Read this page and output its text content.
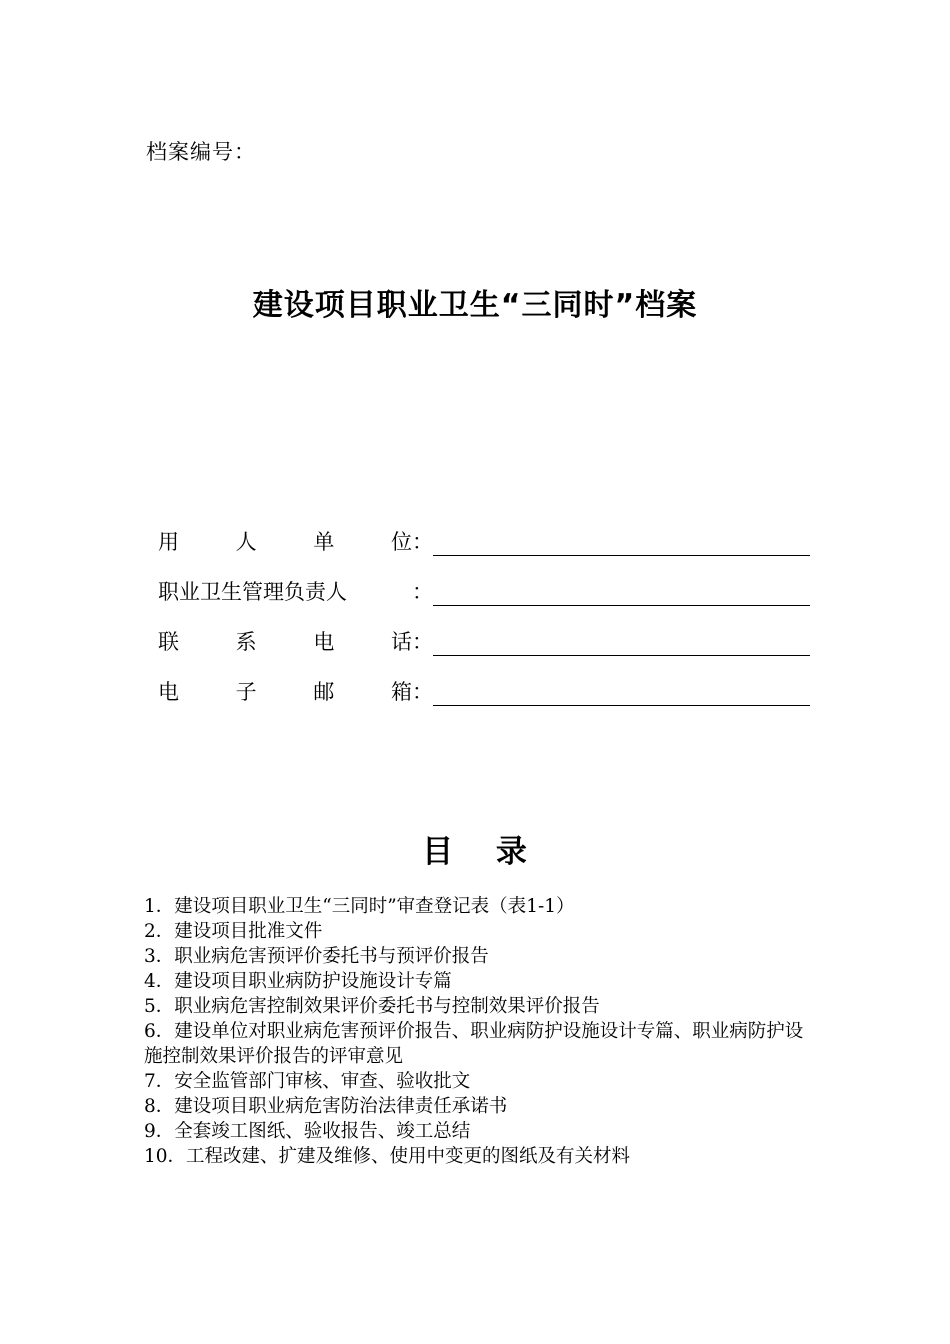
档案编号：
建设项目职业卫生“三同时”档案
用	人	单	位 ：
职业卫生管理负责人	：
联	系	电	话 ：
电	子	邮	箱 ：
目 录
1．建设项目职业卫生“三同时”审查登记表（表1-1）
2．建设项目批准文件
3．职业病危害预评价委托书与预评价报告
4．建设项目职业病防护设施设计专篇
5．职业病危害控制效果评价委托书与控制效果评价报告
6．建设单位对职业病危害预评价报告、职业病防护设施设计专篇、职业病防护设施控制效果评价报告的评审意见
7．安全监管部门审核、审查、验收批文
8．建设项目职业病危害防治法律责任承诺书
9．全套竣工图纸、验收报告、竣工总结
10．工程改建、扩建及维修、使用中变更的图纸及有关材料
